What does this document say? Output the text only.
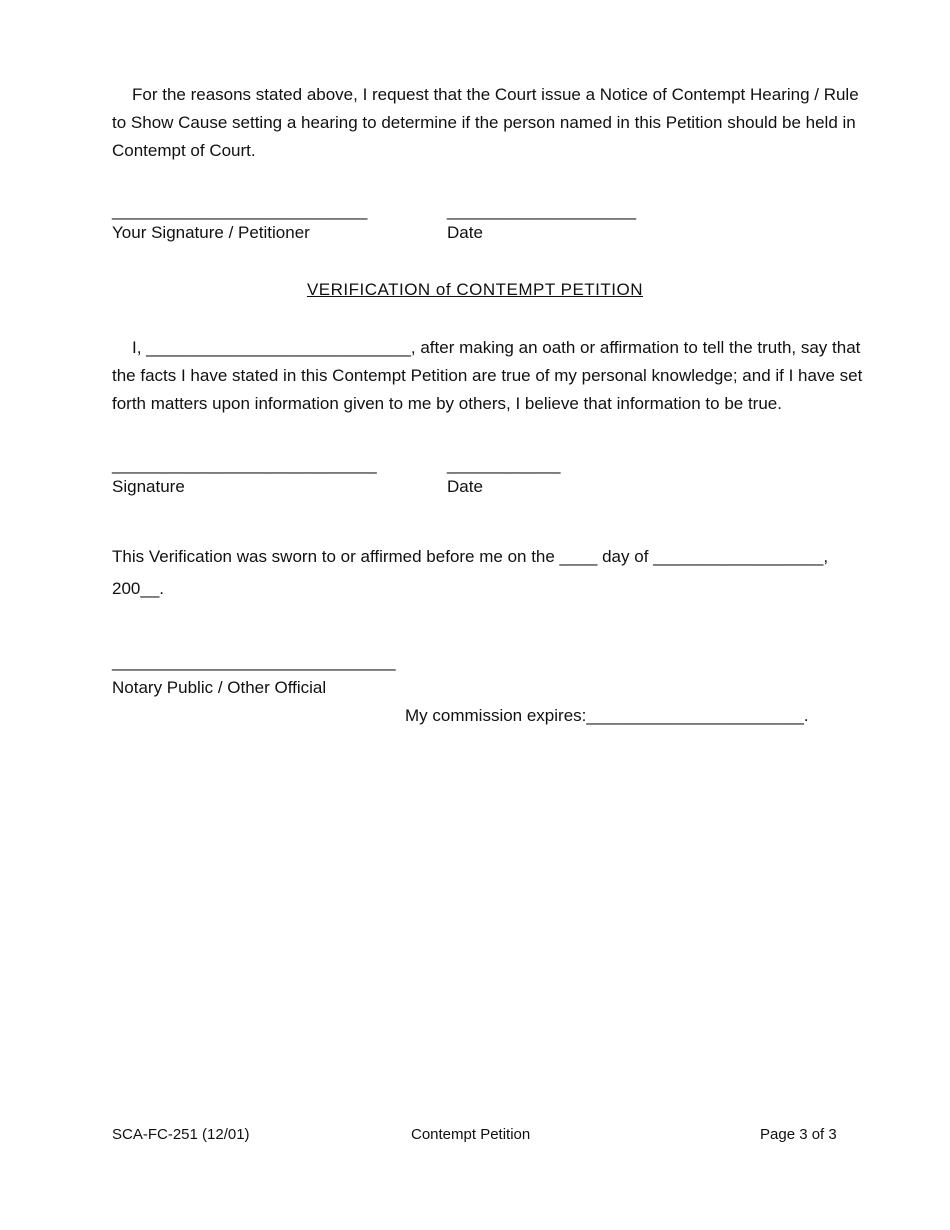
For the reasons stated above, I request that the Court issue a Notice of Contempt Hearing / Rule to Show Cause setting a hearing to determine if the person named in this Petition should be held in Contempt of Court.

___________________________
Your Signature / Petitioner
____________________
Date
VERIFICATION of CONTEMPT PETITION

I, ____________________________, after making an oath or affirmation to tell the truth, say that the facts I have stated in this Contempt Petition are true of my personal knowledge; and if I have set forth matters upon information given to me by others, I believe that information to be true.

____________________________
Signature
____________
Date
This Verification was sworn to or affirmed before me on the ____ day of __________________,
200__.
______________________________
Notary Public / Other Official
My commission expires:_______________________.
SCA-FC-251 (12/01)	Contempt Petition	Page 3 of 3
